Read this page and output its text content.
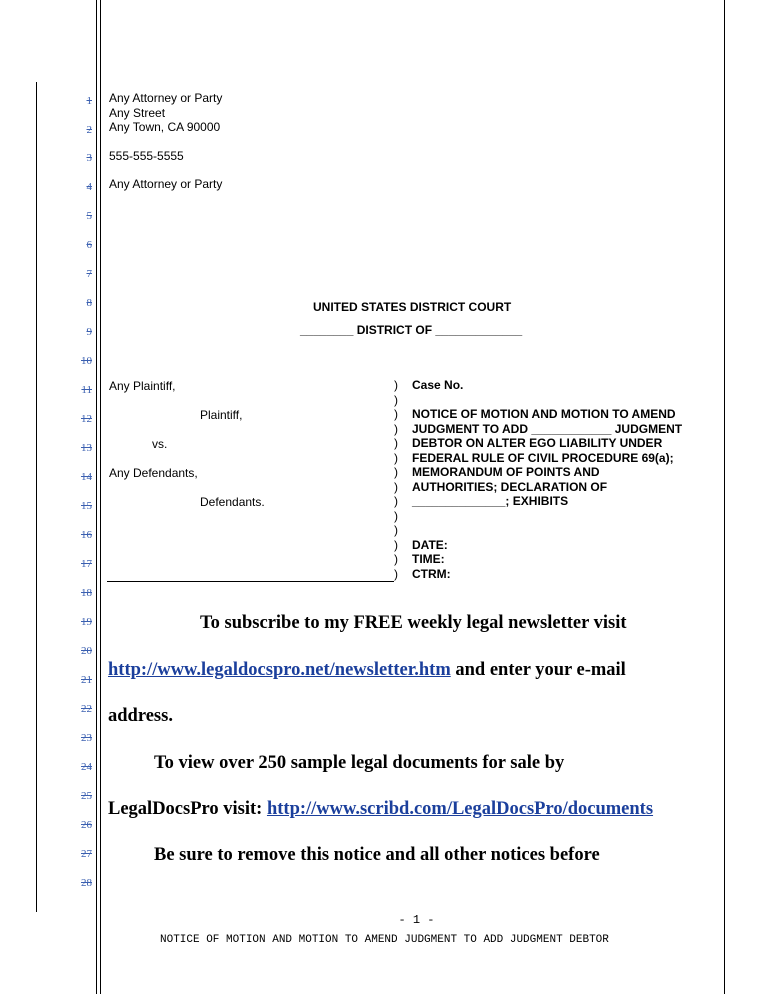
1
2
3
4
5
6
7
8
9
10
11
12
13
14
15
16
17
18
19
20
21
22
23
24
25
26
27
28
Any Attorney or Party
Any Street
Any Town, CA 90000
555-555-5555
Any Attorney or Party
UNITED STATES DISTRICT COURT
________ DISTRICT OF _____________
Any Plaintiff,
Plaintiff,
vs.
Any Defendants,
Defendants.
)
)
)
)
)
)
)
)
)
)
)
)
)
)
Case No.
NOTICE OF MOTION AND MOTION TO AMEND
JUDGMENT TO ADD ____________ JUDGMENT
DEBTOR ON ALTER EGO LIABILITY UNDER
FEDERAL RULE OF CIVIL PROCEDURE 69(a);
MEMORANDUM OF POINTS AND
AUTHORITIES; DECLARATION OF
______________; EXHIBITS
DATE:
TIME:
CTRM:
To subscribe to my FREE weekly legal newsletter visit
http://www.legaldocspro.net/newsletter.htm and enter your e-mail
address.
To view over 250 sample legal documents for sale by
LegalDocsPro visit: http://www.scribd.com/LegalDocsPro/documents
Be sure to remove this notice and all other notices before
- 1 -
NOTICE OF MOTION AND MOTION TO AMEND JUDGMENT TO ADD JUDGMENT DEBTOR
